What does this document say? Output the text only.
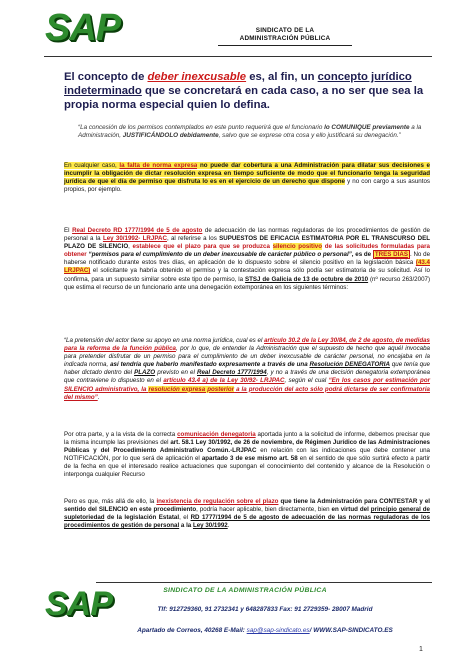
SAP	SINDICATO DE LA
ADMINISTRACIÓN PÚBLICA
El concepto de deber inexcusable es, al fin, un concepto jurídico indeterminado que se concretará en cada caso, a no ser que sea la propia norma especial quien lo defina.
“La concesión de los permisos contemplados en este punto requerirá que el funcionario lo COMUNIQUE previamente a la Administración, JUSTIFICÁNDOLO debidamente, salvo que se exprese otra cosa y ello justificará su denegación.”
En cualquier caso, la falta de norma expresa no puede dar cobertura a una Administración para dilatar sus decisiones e incumplir la obligación de dictar resolución expresa en tiempo suficiente de modo que el funcionario tenga la seguridad jurídica de que el día de permiso que disfruta lo es en el ejercicio de un derecho que dispone y no con cargo a sus asuntos propios, por ejemplo.
El Real Decreto RD 1777/1994 de 5 de agosto de adecuación de las normas reguladoras de los procedimientos de gestión de personal a la Ley 30/1992- LRJPAC, al referirse a los SUPUESTOS DE EFICACIA ESTIMATORIA POR EL TRANSCURSO DEL PLAZO DE SILENCIO, establece que el plazo para que se produzca silencio positivo de las solicitudes formuladas para obtener “permisos para el cumplimiento de un deber inexcusable de carácter público o personal”, es de TRES DÍAS . No de haberse notificado durante estos tres días, en aplicación de lo dispuesto sobre el silencio positivo en la legislación básica (43.4 LRJPAC) el solicitante ya habría obtenido el permiso y la contestación expresa sólo podía ser estimatoria de su solicitud. Así lo confirma, para un supuesto similar sobre este tipo de permiso, la STSJ de Galicia de 13 de octubre de 2010 (nº recurso 263/2007) que estima el recurso de un funcionario ante una denegación extemporánea en los siguientes términos:
“La pretensión del actor tiene su apoyo en una norma jurídica, cual es el artículo 30.2 de la Ley 30/84, de 2 de agosto, de medidas para la reforma de la función pública, por lo que, de entender la Administración que el supuesto de hecho que aquél invocaba para pretender disfrutar de un permiso para el cumplimiento de un deber inexcusable de carácter personal, no encajaba en la indicada norma, así tendría que haberlo manifestado expresamente a través de una Resolución DENEGATORIA que tenía que haber dictado dentro del PLAZO previsto en el Real Decreto 1777/1994, y no a través de una decisión denegatoria extemporánea que contraviene lo dispuesto en el artículo 43.4 a) de la Ley 30/92- LRJPAC, según el cual “En los casos por estimación por SILENCIO administrativo, la resolución expresa posterior a la producción del acto sólo podrá dictarse de ser confirmatoria del mismo”.
Por otra parte, y a la vista de la correcta comunicación denegatoria aportada junto a la solicitud de informe, debemos precisar que la misma incumple las previsiones del art. 58.1 Ley 30/1992, de 26 de noviembre, de Régimen Jurídico de las Administraciones Públicas y del Procedimiento Administrativo Común.-LRJPAC en relación con las indicaciones que debe contener una NOTIFICACIÓN, por lo que será de aplicación el apartado 3 de ese mismo art. 58 en el sentido de que sólo surtirá efecto a partir de la fecha en que el interesado realice actuaciones que supongan el conocimiento del contenido y alcance de la Resolución o interponga cualquier Recurso
Pero es que, más allá de ello, la inexistencia de regulación sobre el plazo que tiene la Administración para CONTESTAR y el sentido del SILENCIO en este procedimiento, podría hacer aplicable, bien directamente, bien en virtud del principio general de supletoriedad de la legislación Estatal, el RD 1777/1994 de 5 de agosto de adecuación de las normas reguladoras de los procedimientos de gestión de personal a la Ley 30/1992.
SAP	SINDICATO DE LA ADMINISTRACIÓN PÚBLICA
Tlf: 912729360, 91 2732341 y 648287833 Fax: 91 2729359- 28007 Madrid
Apartado de Correos, 40268 E-Mail: sap@sap-sindicato.es/ WWW.SAP-SINDICATO.ES
1
